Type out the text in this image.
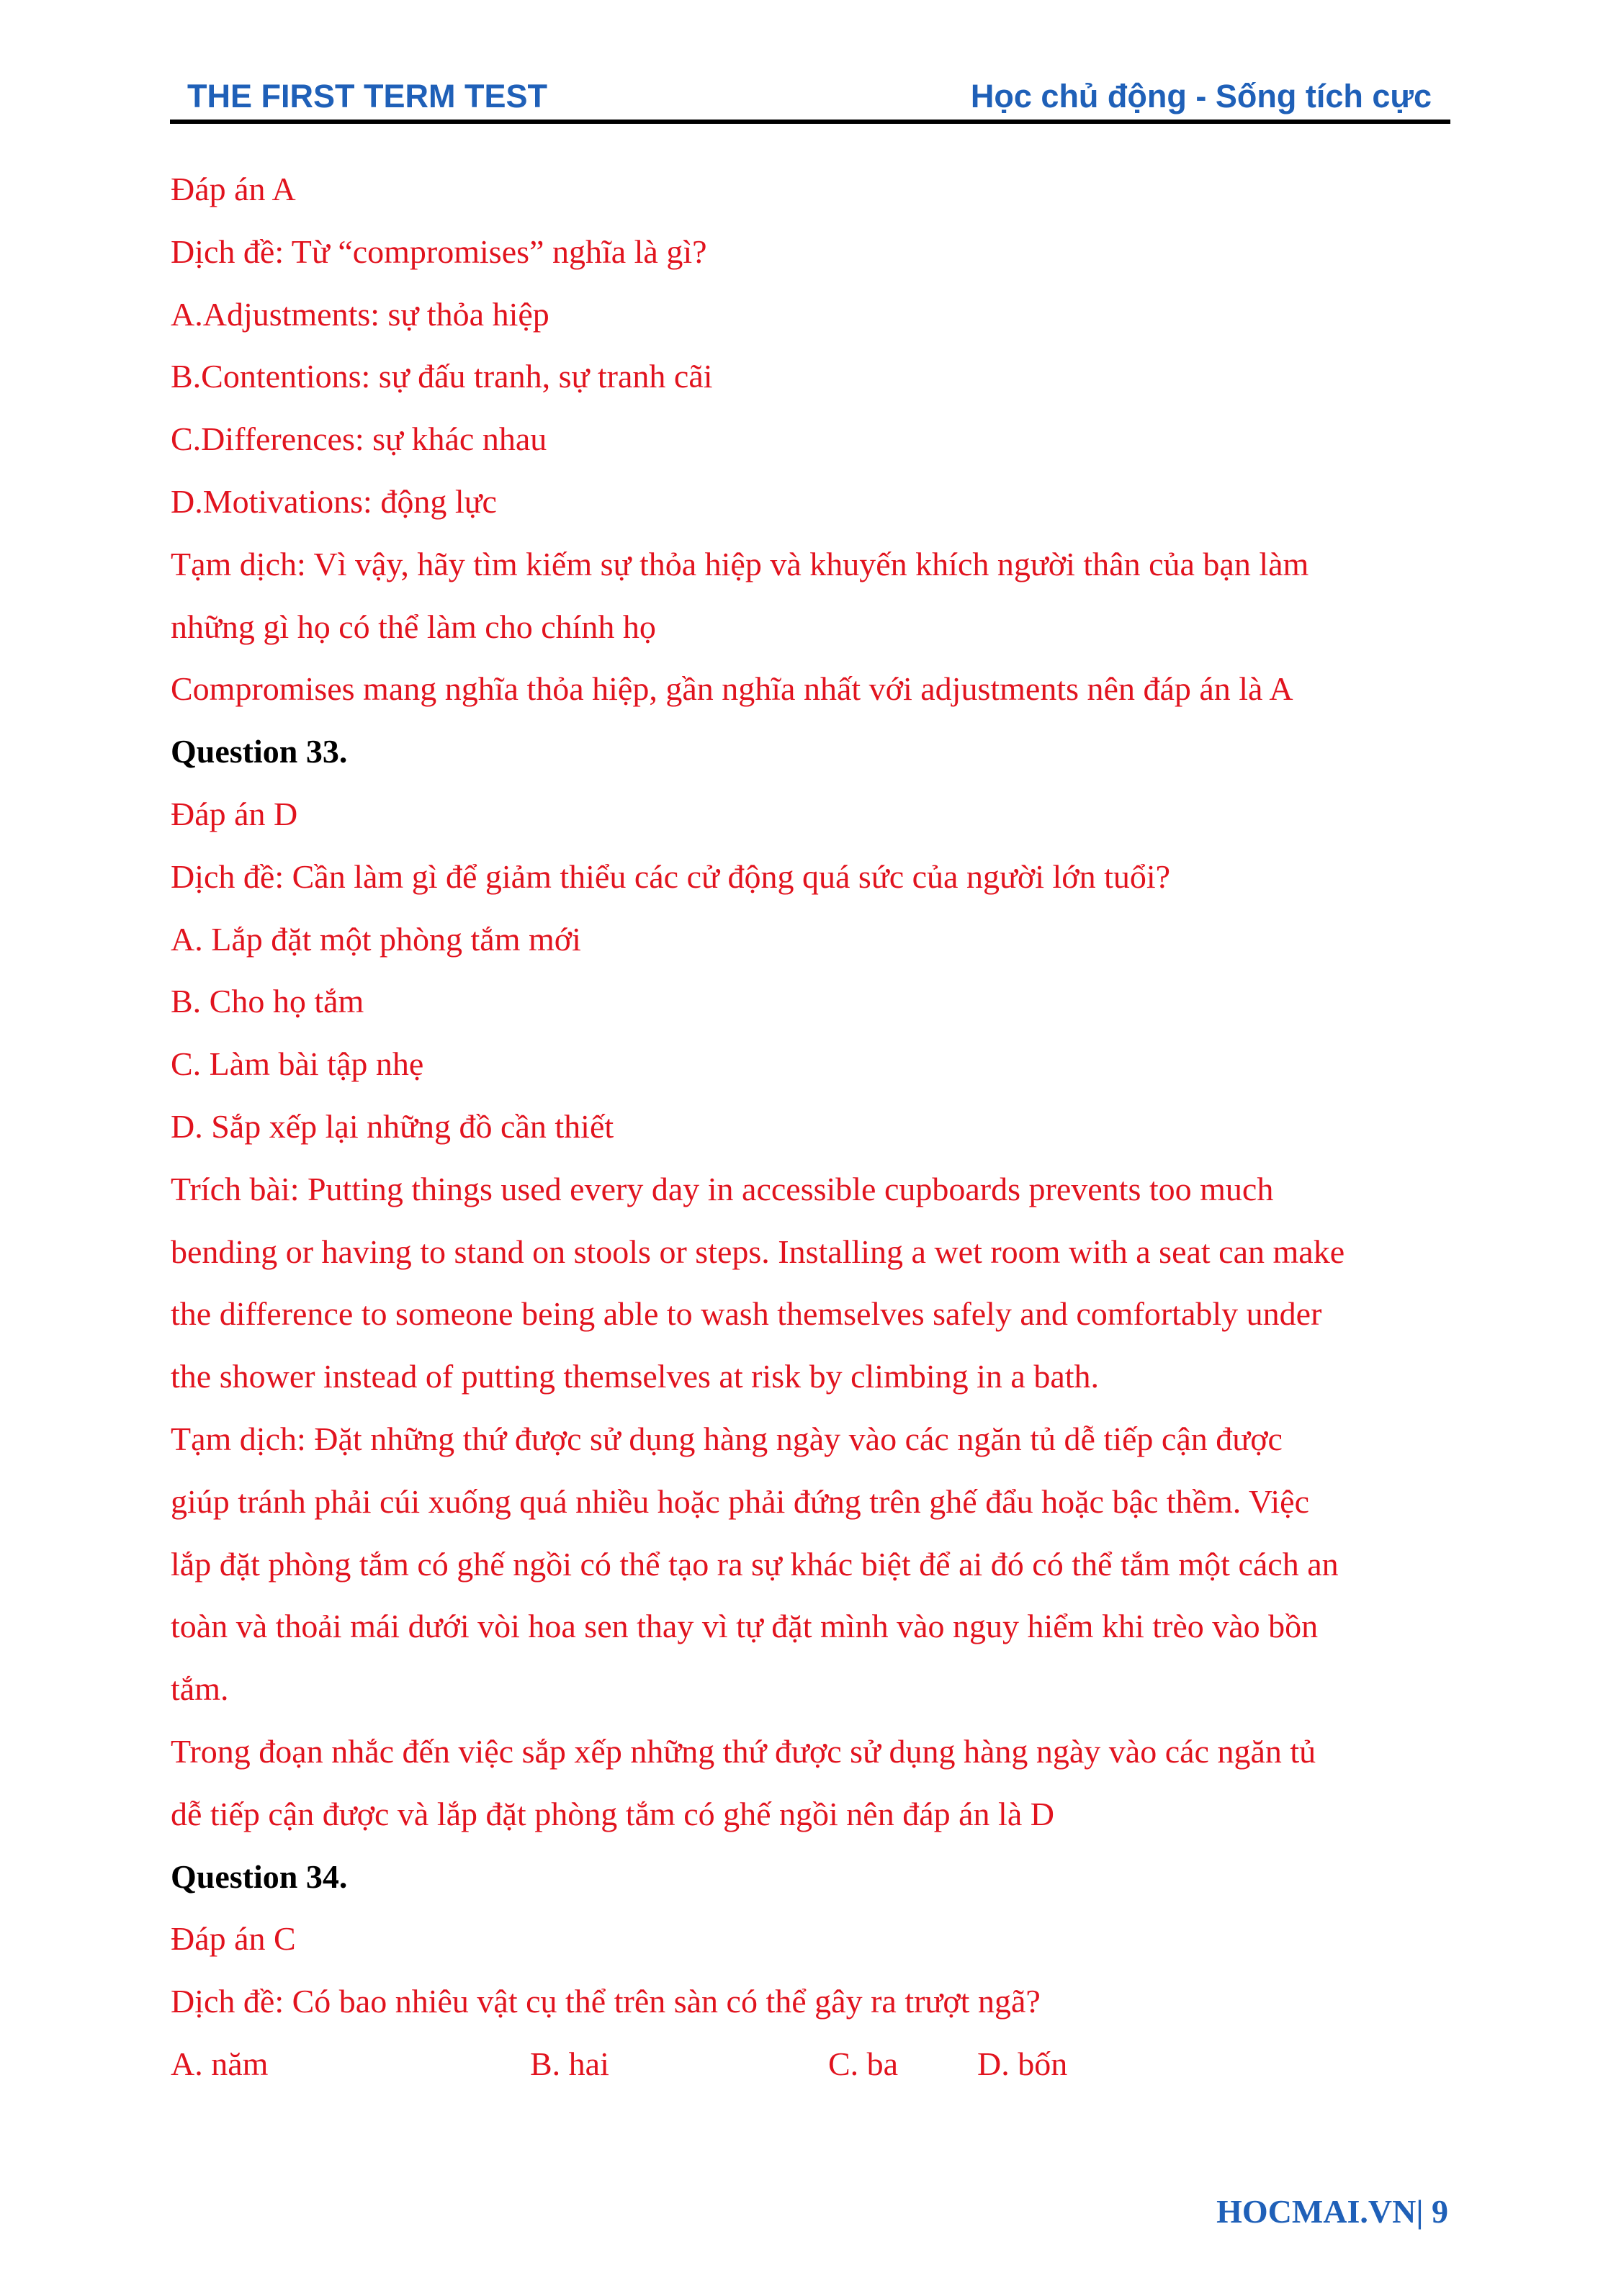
THE FIRST TERM TEST	Học chủ động - Sống tích cực
Đáp án A
Dịch đề: Từ “compromises” nghĩa là gì?
A.Adjustments: sự thỏa hiệp
B.Contentions: sự đấu tranh, sự tranh cãi
C.Differences: sự khác nhau
D.Motivations: động lực
Tạm dịch: Vì vậy, hãy tìm kiếm sự thỏa hiệp và khuyến khích người thân của bạn làm
những gì họ có thể làm cho chính họ
Compromises mang nghĩa thỏa hiệp, gần nghĩa nhất với adjustments nên đáp án là A
Question 33.
Đáp án D
Dịch đề: Cần làm gì để giảm thiểu các cử động quá sức của người lớn tuổi?
A. Lắp đặt một phòng tắm mới
B. Cho họ tắm
C. Làm bài tập nhẹ
D. Sắp xếp lại những đồ cần thiết
Trích bài: Putting things used every day in accessible cupboards prevents too much
bending or having to stand on stools or steps. Installing a wet room with a seat can make
the difference to someone being able to wash themselves safely and comfortably under
the shower instead of putting themselves at risk by climbing in a bath.
Tạm dịch: Đặt những thứ được sử dụng hàng ngày vào các ngăn tủ dễ tiếp cận được
giúp tránh phải cúi xuống quá nhiều hoặc phải đứng trên ghế đẩu hoặc bậc thềm. Việc
lắp đặt phòng tắm có ghế ngồi có thể tạo ra sự khác biệt để ai đó có thể tắm một cách an
toàn và thoải mái dưới vòi hoa sen thay vì tự đặt mình vào nguy hiểm khi trèo vào bồn
tắm.
Trong đoạn nhắc đến việc sắp xếp những thứ được sử dụng hàng ngày vào các ngăn tủ
dễ tiếp cận được và lắp đặt phòng tắm có ghế ngồi nên đáp án là D
Question 34.
Đáp án C
Dịch đề: Có bao nhiêu vật cụ thể trên sàn có thể gây ra trượt ngã?
A. năm	B. hai	C. ba D. bốn
HOCMAI.VN| 9
